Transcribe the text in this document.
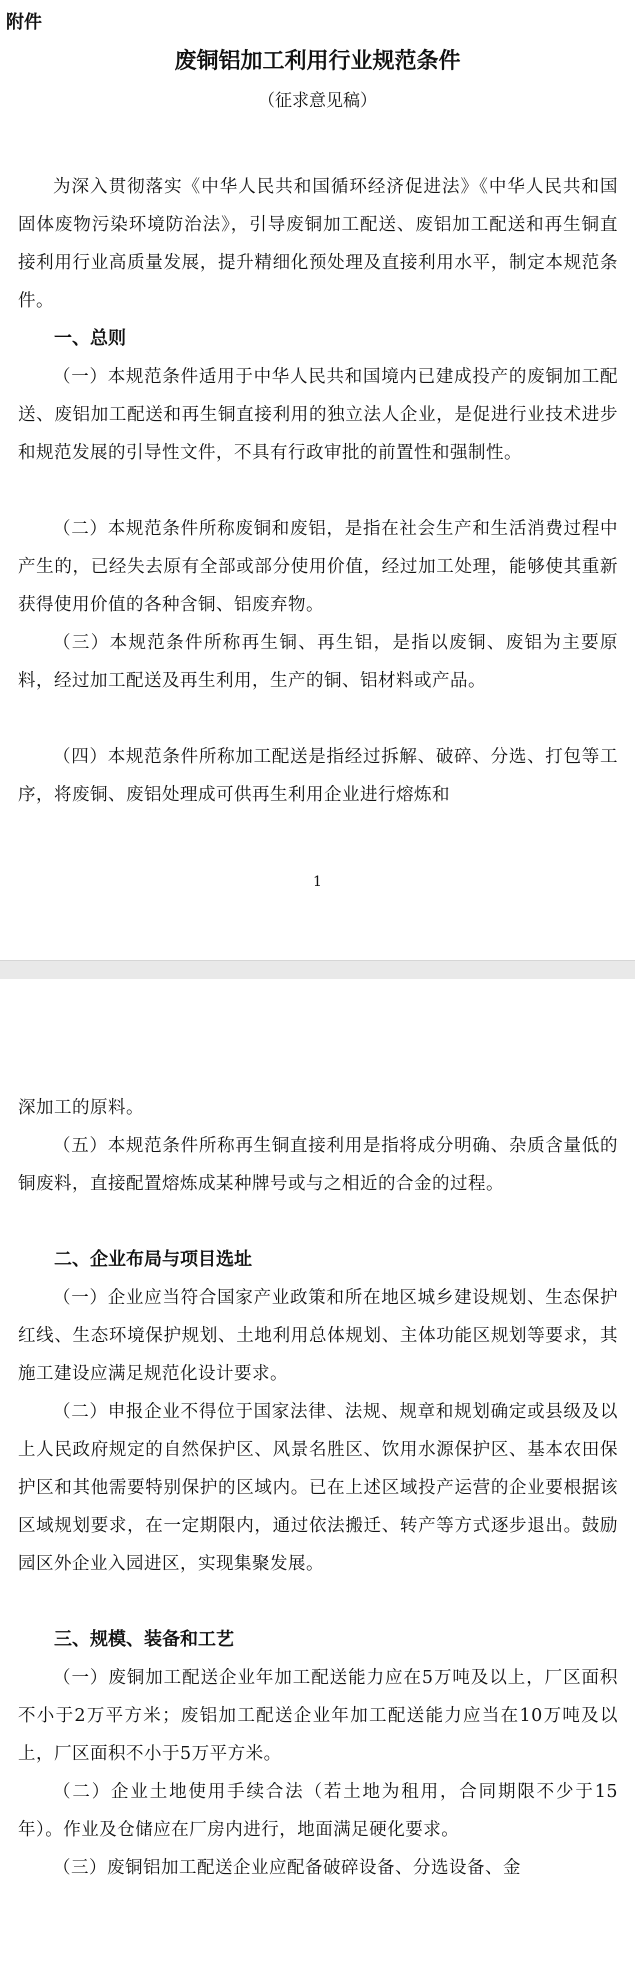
附件
废铜铝加工利用行业规范条件
（征求意见稿）
为深入贯彻落实《中华人民共和国循环经济促进法》《中华人民共和国固体废物污染环境防治法》，引导废铜加工配送、废铝加工配送和再生铜直接利用行业高质量发展，提升精细化预处理及直接利用水平，制定本规范条件。
一、总则
（一）本规范条件适用于中华人民共和国境内已建成投产的废铜加工配送、废铝加工配送和再生铜直接利用的独立法人企业，是促进行业技术进步和规范发展的引导性文件，不具有行政审批的前置性和强制性。
（二）本规范条件所称废铜和废铝，是指在社会生产和生活消费过程中产生的，已经失去原有全部或部分使用价值，经过加工处理，能够使其重新获得使用价值的各种含铜、铝废弃物。
（三）本规范条件所称再生铜、再生铝，是指以废铜、废铝为主要原料，经过加工配送及再生利用，生产的铜、铝材料或产品。
（四）本规范条件所称加工配送是指经过拆解、破碎、分选、打包等工序，将废铜、废铝处理成可供再生利用企业进行熔炼和
1
深加工的原料。
（五）本规范条件所称再生铜直接利用是指将成分明确、杂质含量低的铜废料，直接配置熔炼成某种牌号或与之相近的合金的过程。
二、企业布局与项目选址
（一）企业应当符合国家产业政策和所在地区城乡建设规划、生态保护红线、生态环境保护规划、土地利用总体规划、主体功能区规划等要求，其施工建设应满足规范化设计要求。
（二）申报企业不得位于国家法律、法规、规章和规划确定或县级及以上人民政府规定的自然保护区、风景名胜区、饮用水源保护区、基本农田保护区和其他需要特别保护的区域内。已在上述区域投产运营的企业要根据该区域规划要求，在一定期限内，通过依法搬迁、转产等方式逐步退出。鼓励园区外企业入园进区，实现集聚发展。
三、规模、装备和工艺
（一）废铜加工配送企业年加工配送能力应在5万吨及以上，厂区面积不小于2万平方米；废铝加工配送企业年加工配送能力应当在10万吨及以上，厂区面积不小于5万平方米。
（二）企业土地使用手续合法（若土地为租用，合同期限不少于15年）。作业及仓储应在厂房内进行，地面满足硬化要求。
（三）废铜铝加工配送企业应配备破碎设备、分选设备、金
